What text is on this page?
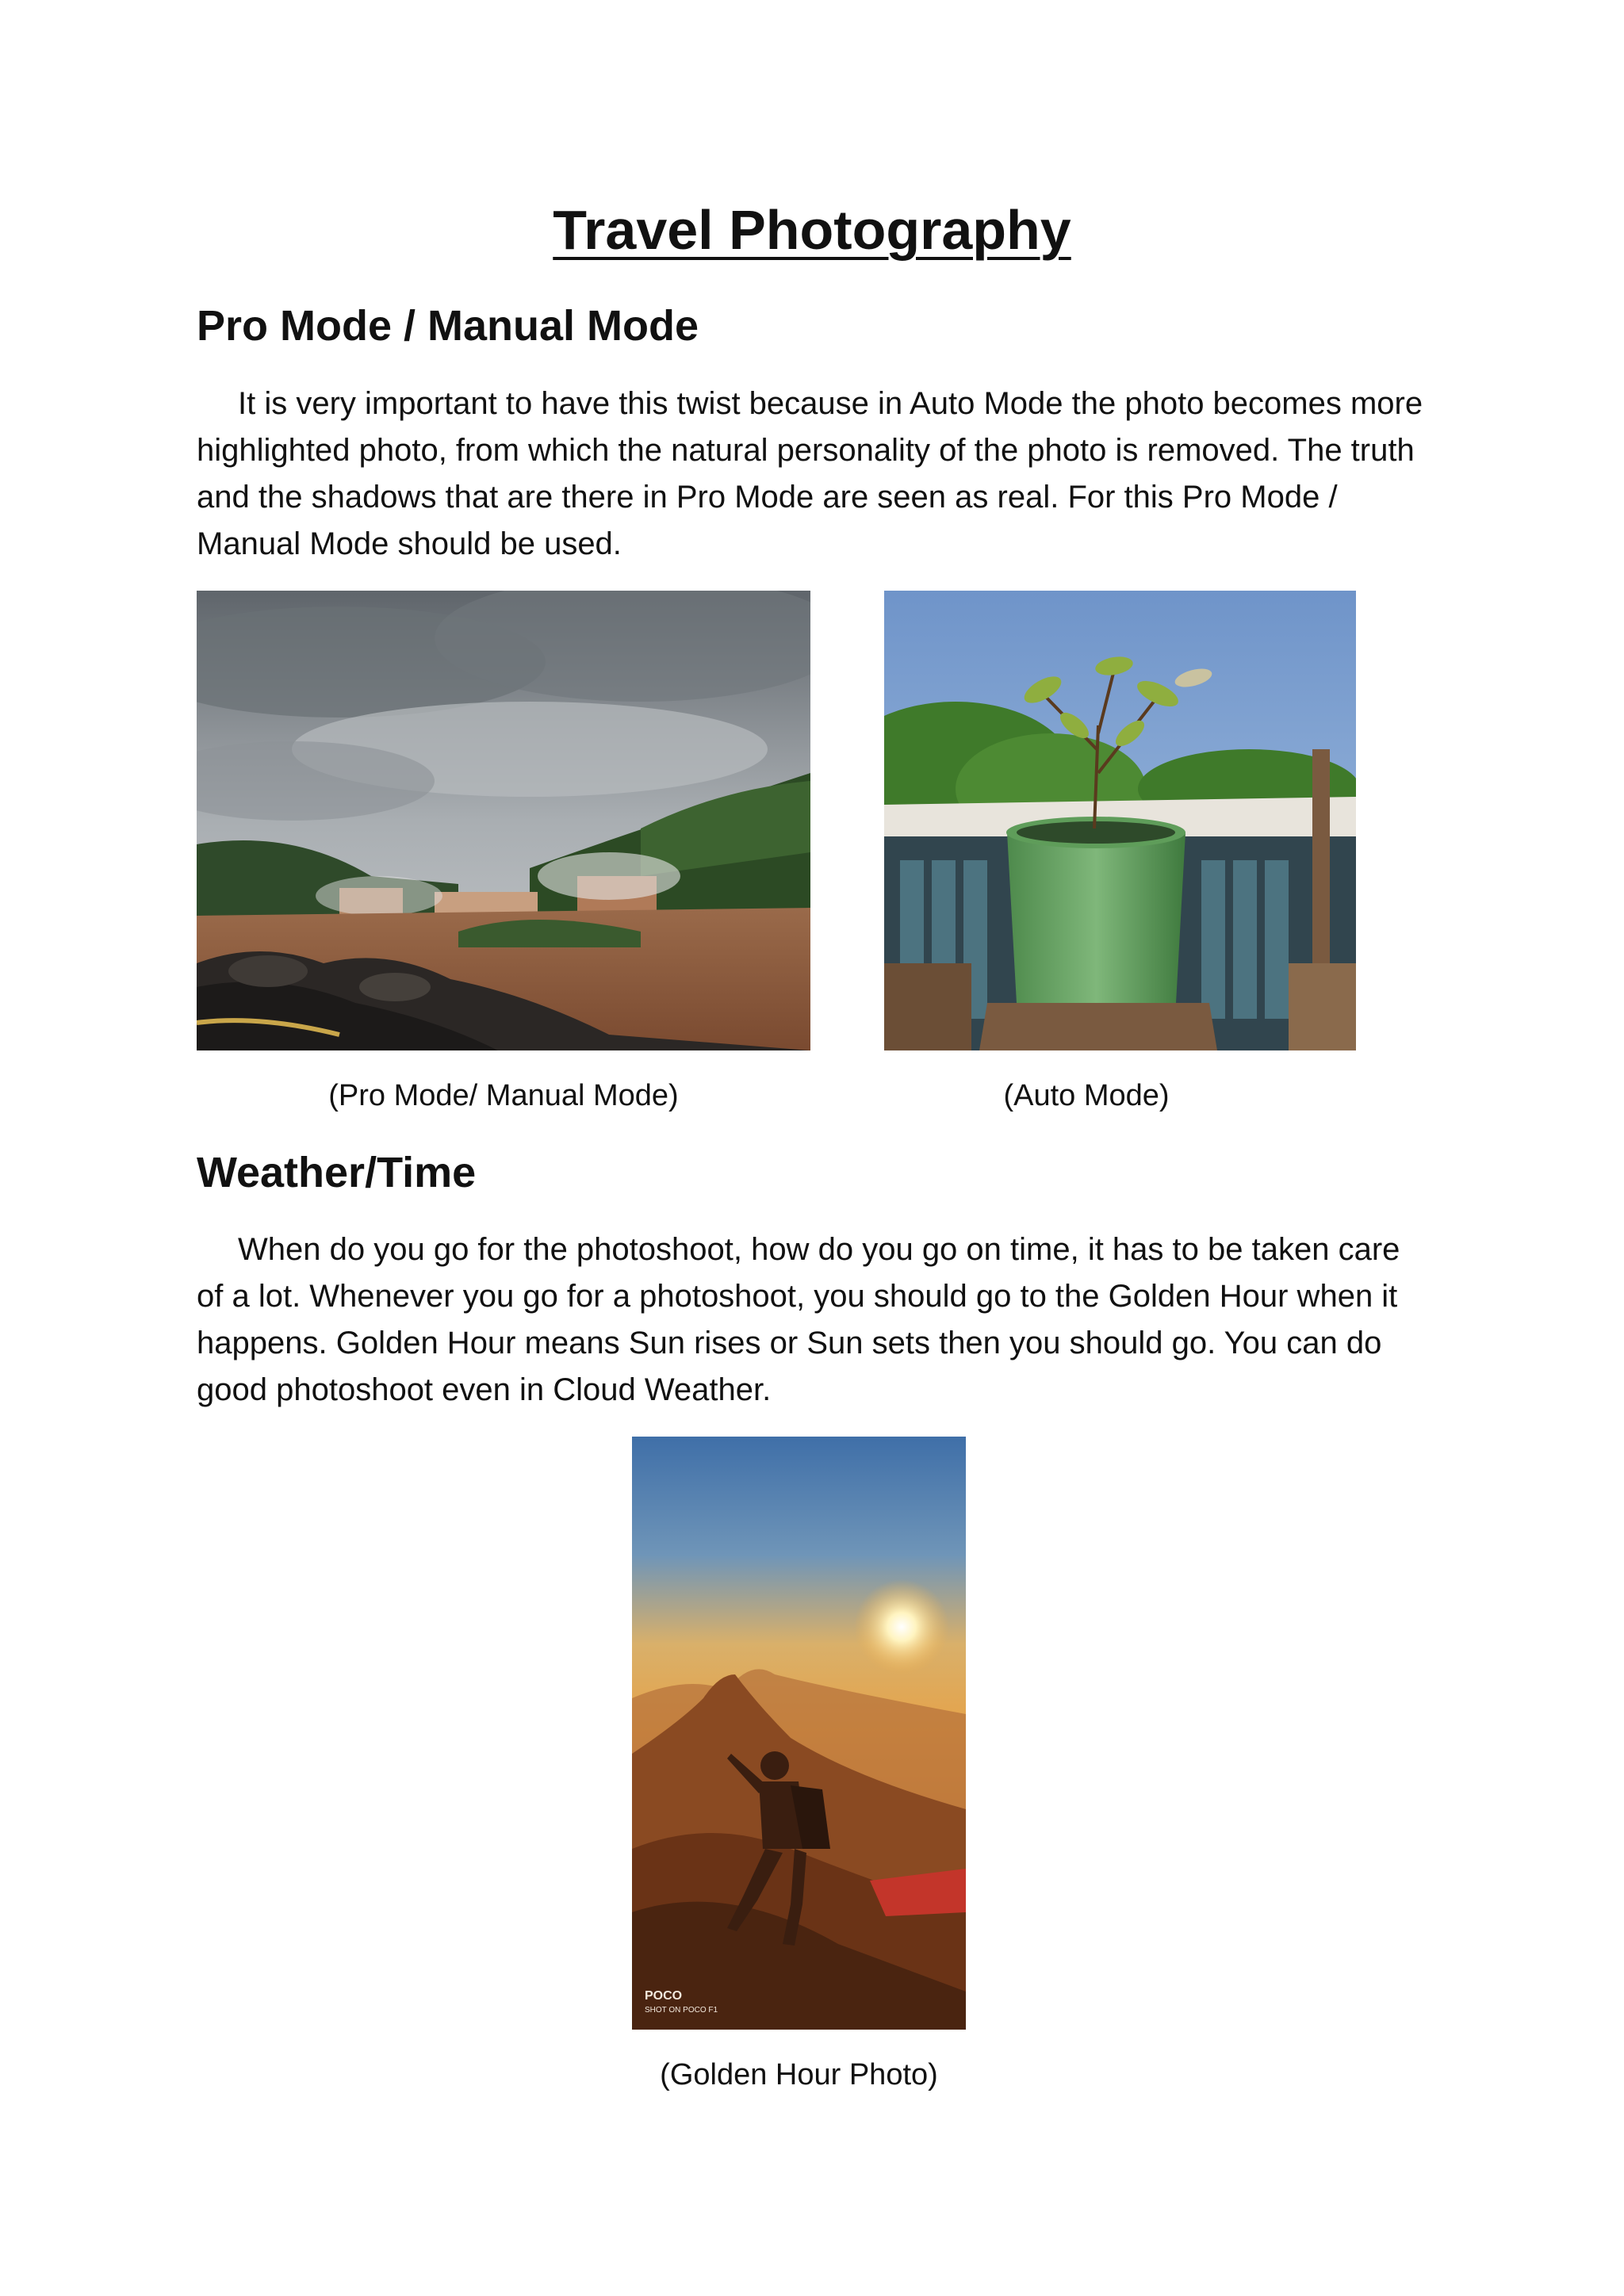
Travel Photography
Pro Mode / Manual Mode

It is very important to have this twist because in Auto Mode the photo becomes more highlighted photo, from which the natural personality of the photo is removed. The truth and the shadows that are there in Pro Mode are seen as real. For this Pro Mode / Manual Mode should be used.

(Pro Mode/ Manual Mode)	(Auto Mode)

Weather/Time

When do you go for the photoshoot, how do you go on time, it has to be taken care of a lot. Whenever you go for a photoshoot, you should go to the Golden Hour when it happens. Golden Hour means Sun rises or Sun sets then you should go. You can do good photoshoot even in Cloud Weather.

POCO
SHOT ON POCO F1

(Golden Hour Photo)
